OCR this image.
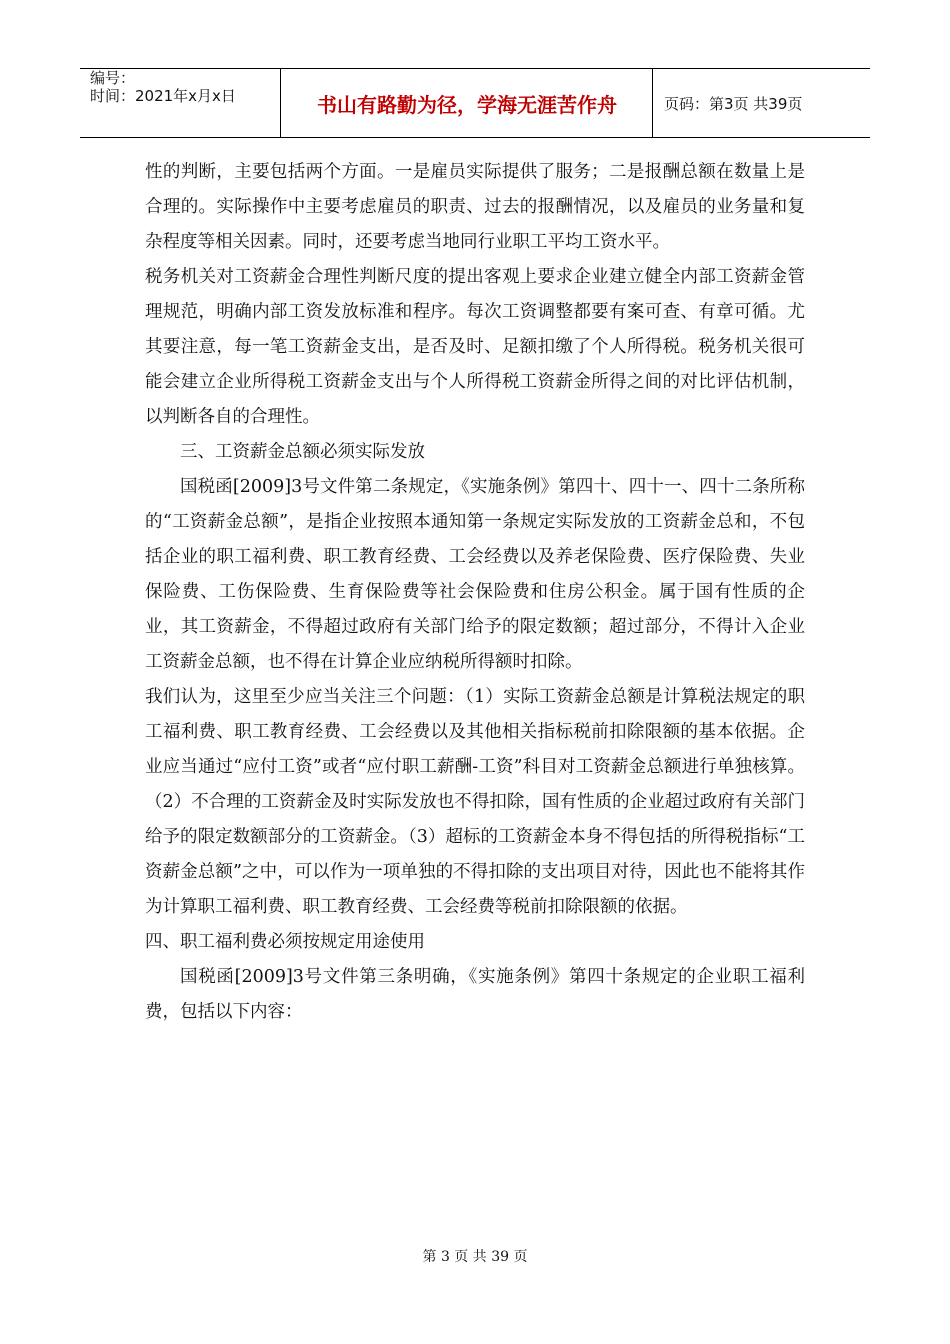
编号：
时间：2021年x月x日	书山有路勤为径，学海无涯苦作舟	页码：第3页 共39页

性的判断，主要包括两个方面。一是雇员实际提供了服务；二是报酬总额在数量上是合理的。实际操作中主要考虑雇员的职责、过去的报酬情况，以及雇员的业务量和复杂程度等相关因素。同时，还要考虑当地同行业职工平均工资水平。

税务机关对工资薪金合理性判断尺度的提出客观上要求企业建立健全内部工资薪金管理规范，明确内部工资发放标准和程序。每次工资调整都要有案可查、有章可循。尤其要注意，每一笔工资薪金支出，是否及时、足额扣缴了个人所得税。税务机关很可能会建立企业所得税工资薪金支出与个人所得税工资薪金所得之间的对比评估机制，以判断各自的合理性。

三、工资薪金总额必须实际发放

国税函[2009]3号文件第二条规定，《实施条例》第四十、四十一、四十二条所称的“工资薪金总额”，是指企业按照本通知第一条规定实际发放的工资薪金总和，不包括企业的职工福利费、职工教育经费、工会经费以及养老保险费、医疗保险费、失业保险费、工伤保险费、生育保险费等社会保险费和住房公积金。属于国有性质的企业，其工资薪金，不得超过政府有关部门给予的限定数额；超过部分，不得计入企业工资薪金总额，也不得在计算企业应纳税所得额时扣除。

我们认为，这里至少应当关注三个问题：（1）实际工资薪金总额是计算税法规定的职工福利费、职工教育经费、工会经费以及其他相关指标税前扣除限额的基本依据。企业应当通过“应付工资”或者“应付职工薪酬-工资”科目对工资薪金总额进行单独核算。（2）不合理的工资薪金及时实际发放也不得扣除，国有性质的企业超过政府有关部门给予的限定数额部分的工资薪金。（3）超标的工资薪金本身不得包括的所得税指标“工资薪金总额”之中，可以作为一项单独的不得扣除的支出项目对待，因此也不能将其作为计算职工福利费、职工教育经费、工会经费等税前扣除限额的依据。

四、职工福利费必须按规定用途使用

国税函[2009]3号文件第三条明确，《实施条例》第四十条规定的企业职工福利费，包括以下内容：

第 3 页 共 39 页
